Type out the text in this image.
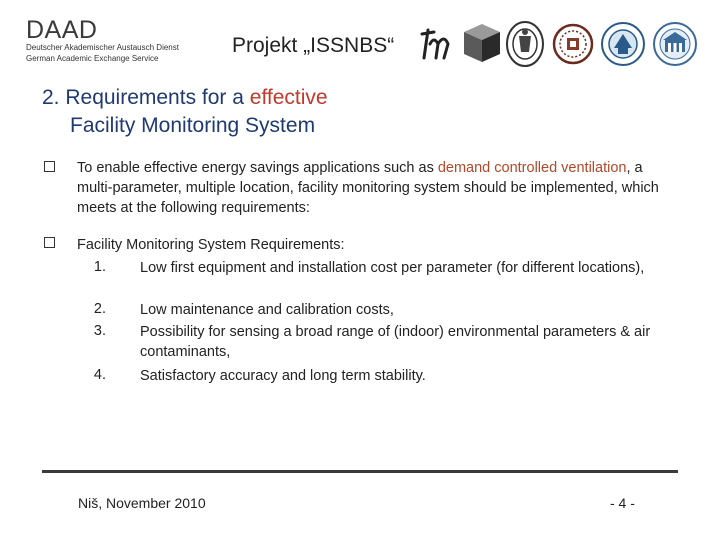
DAAD
Deutscher Akademischer Austausch Dienst
German Academic Exchange Service
Projekt „ISSNBS“
2. Requirements for a effective
Facility Monitoring System
To enable effective energy savings applications such as demand controlled ventilation, a multi-parameter, multiple location, facility monitoring system should be implemented, which meets at the following requirements:
Facility Monitoring System Requirements:
1. Low first equipment and installation cost per parameter (for different locations),
2. Low maintenance and calibration costs,
3. Possibility for sensing a broad range of (indoor) environmental parameters & air contaminants,
4. Satisfactory accuracy and long term stability.
Niš, November 2010	- 4 -
